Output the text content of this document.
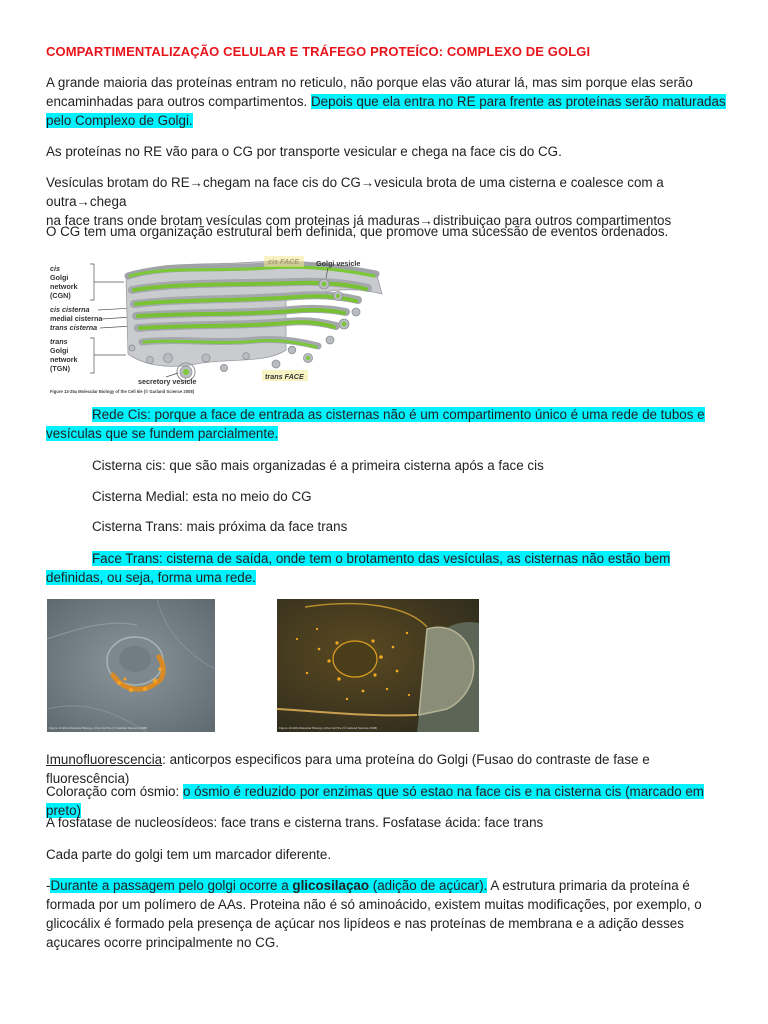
COMPARTIMENTALIZAÇÃO CELULAR E TRÁFEGO PROTEÍCO: COMPLEXO DE GOLGI

A grande maioria das proteínas entram no reticulo, não porque elas vão aturar lá, mas sim porque elas serão encaminhadas para outros compartimentos. Depois que ela entra no RE para frente as proteínas serão maturadas pelo Complexo de Golgi.

As proteínas no RE vão para o CG por transporte vesicular e chega na face cis do CG.

Vesículas brotam do RE→chegam na face cis do CG→vesicula brota de uma cisterna e coalesce com a outra→chega
na face trans onde brotam vesículas com proteinas já maduras→distribuiçao para outros compartimentos

O CG tem uma organização estrutural bem definida, que promove uma sucessão de eventos ordenados.

cis
Golgi
network
(CGN)
cis cisterna
medial cisterna
trans cisterna
trans
Golgi
network
(TGN)
Golgi vesicle
trans FACE
secretory vesicle
Figure 13-25a Molecular Biology of the Cell 5/e (© Garland Science 2008)

Rede Cis: porque a face de entrada as cisternas não é um compartimento único é uma rede de tubos e vesículas que se fundem parcialmente.

Cisterna cis: que são mais organizadas é a primeira cisterna após a face cis

Cisterna Medial: esta no meio do CG

Cisterna Trans: mais próxima da face trans

Face Trans: cisterna de saída, onde tem o brotamento das vesículas, as cisternas não estão bem definidas, ou seja, forma uma rede.

Figure 13-26a Molecular Biology of the Cell 5/e (© Garland Science 2008)	Figure 13-26b Molecular Biology of the Cell 5/e (© Garland Science 2008)

Imunofluorescencia: anticorpos especificos para uma proteína do Golgi (Fusao do contraste de fase e fluorescência)

Coloração com ósmio: o ósmio é reduzido por enzimas que só estao na face cis e na cisterna cis (marcado em preto)

A fosfatase de nucleosídeos: face trans e cisterna trans. Fosfatase ácida: face trans

Cada parte do golgi tem um marcador diferente.

-Durante a passagem pelo golgi ocorre a glicosilaçao (adição de açúcar). A estrutura primaria da proteína é formada por um polímero de AAs. Proteina não é só aminoácido, existem muitas modificações, por exemplo, o glicocálix é formado pela presença de açúcar nos lipídeos e nas proteínas de membrana e a adição desses açucares ocorre principalmente no CG.
